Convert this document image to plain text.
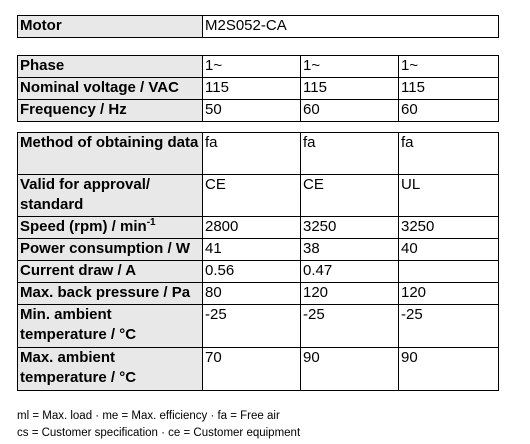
Motor	M2S052-CA
Phase	1~	1~	1~
Nominal voltage / VAC	115	115	115
Frequency / Hz	50	60	60
Method of obtaining data	fa	fa	fa
Valid for approval/ standard	CE	CE	UL
Speed $(rpm) / \min^{-1}$	2800	3250	3250
Power consumption / W	41	38	40
Current draw / A	0.56	0.47	
Max. back pressure / Pa	80	120	120
Min. ambient temperature / °C	-25	-25	-25
Max. ambient temperature / °C	70	90	90
ml = Max. load · me = Max. efficiency · fa = Free air
cs = Customer specification · ce = Customer equipment
